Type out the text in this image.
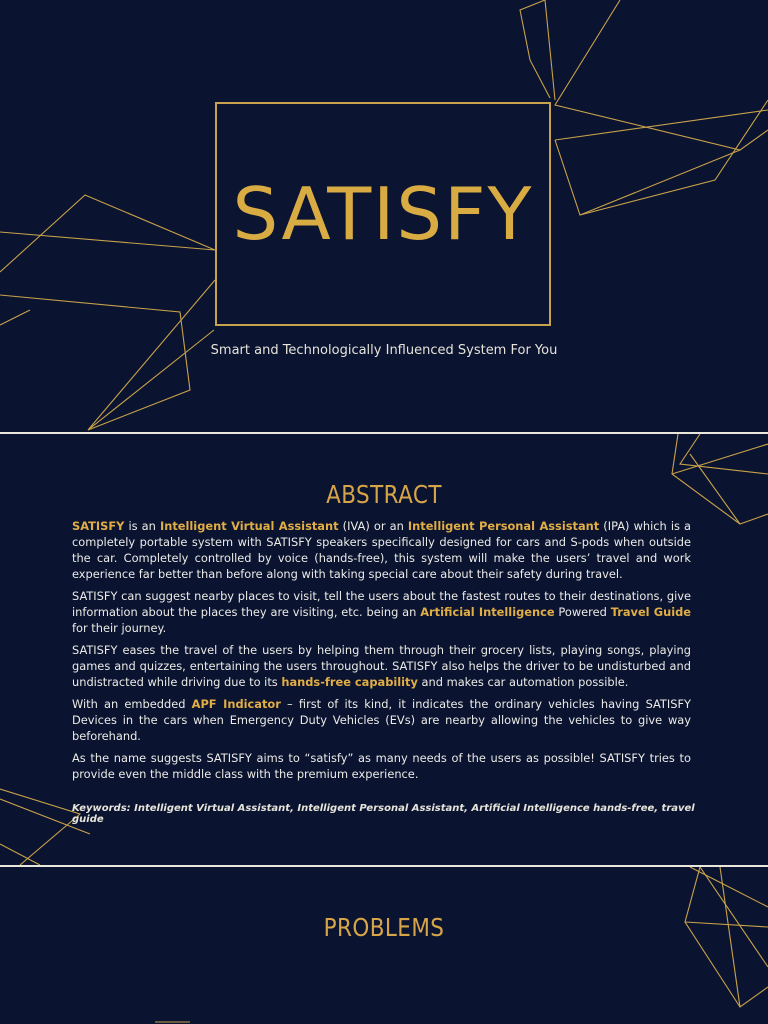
SATISFY
Smart and Technologically Influenced System For You
ABSTRACT

SATISFY is an Intelligent Virtual Assistant (IVA) or an Intelligent Personal Assistant (IPA) which is a completely portable system with SATISFY speakers specifically designed for cars and S-pods when outside the car. Completely controlled by voice (hands-free), this system will make the users’ travel and work experience far better than before along with taking special care about their safety during travel.

SATISFY can suggest nearby places to visit, tell the users about the fastest routes to their destinations, give information about the places they are visiting, etc. being an Artificial Intelligence Powered Travel Guide for their journey.

SATISFY eases the travel of the users by helping them through their grocery lists, playing songs, playing games and quizzes, entertaining the users throughout. SATISFY also helps the driver to be undisturbed and undistracted while driving due to its hands-free capability and makes car automation possible.

With an embedded APF Indicator – first of its kind, it indicates the ordinary vehicles having SATISFY Devices in the cars when Emergency Duty Vehicles (EVs) are nearby allowing the vehicles to give way beforehand.

As the name suggests SATISFY aims to “satisfy” as many needs of the users as possible! SATISFY tries to provide even the middle class with the premium experience.

Keywords: Intelligent Virtual Assistant, Intelligent Personal Assistant, Artificial Intelligence hands-free, travel guide
PROBLEMS
